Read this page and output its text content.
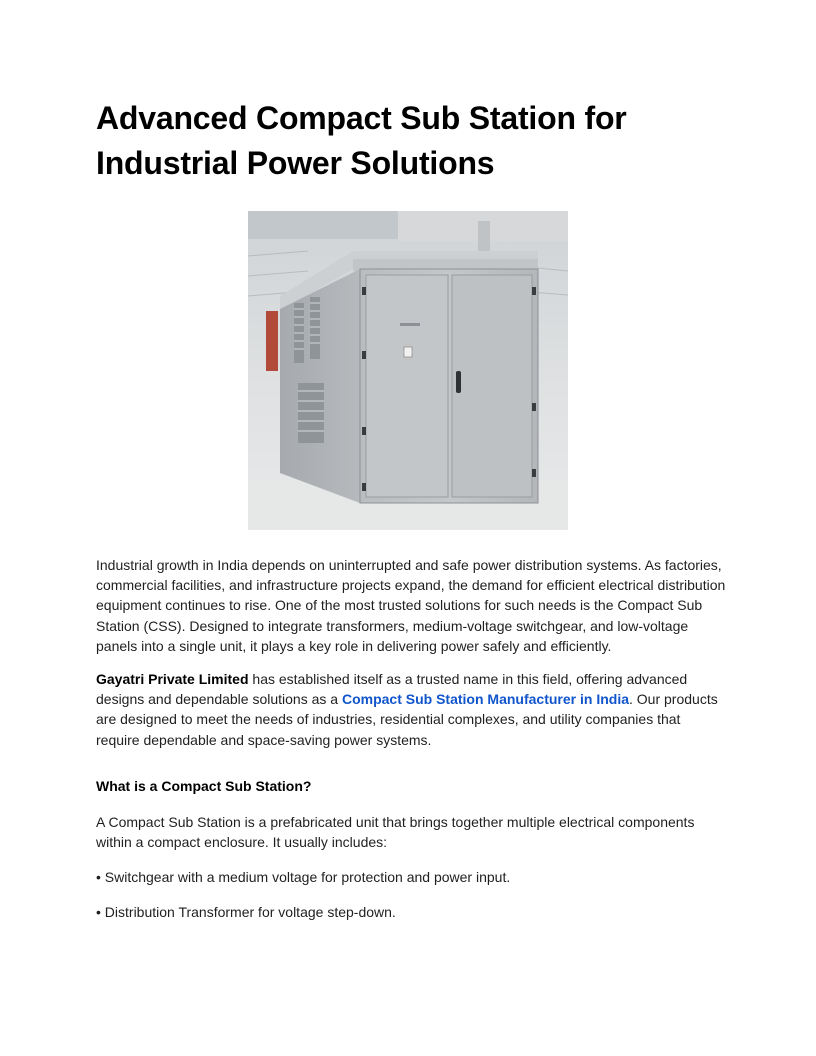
Advanced Compact Sub Station for Industrial Power Solutions

Industrial growth in India depends on uninterrupted and safe power distribution systems. As factories, commercial facilities, and infrastructure projects expand, the demand for efficient electrical distribution equipment continues to rise. One of the most trusted solutions for such needs is the Compact Sub Station (CSS). Designed to integrate transformers, medium-voltage switchgear, and low-voltage panels into a single unit, it plays a key role in delivering power safely and efficiently.

Gayatri Private Limited has established itself as a trusted name in this field, offering advanced designs and dependable solutions as a Compact Sub Station Manufacturer in India. Our products are designed to meet the needs of industries, residential complexes, and utility companies that require dependable and space-saving power systems.

What is a Compact Sub Station?

A Compact Sub Station is a prefabricated unit that brings together multiple electrical components within a compact enclosure. It usually includes:

• Switchgear with a medium voltage for protection and power input.

• Distribution Transformer for voltage step-down.
